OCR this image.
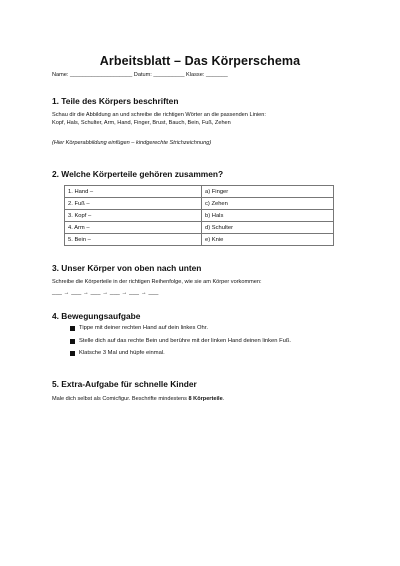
Arbeitsblatt – Das Körperschema
Name: ____________________ Datum: __________ Klasse: _______
1. Teile des Körpers beschriften
Schau dir die Abbildung an und schreibe die richtigen Wörter an die passenden Linien:
Kopf, Hals, Schulter, Arm, Hand, Finger, Brust, Bauch, Bein, Fuß, Zehen
(Hier Körperabbildung einfügen – kindgerechte Strichzeichnung)
2. Welche Körperteile gehören zusammen?
1. Hand –	a) Finger
2. Fuß –	c) Zehen
3. Kopf –	b) Hals
4. Arm –	d) Schulter
5. Bein –	e) Knie
3. Unser Körper von oben nach unten
Schreibe die Körperteile in der richtigen Reihenfolge, wie sie am Körper vorkommen:
___ → ___ → ___ → ___ → ___ → ___
4. Bewegungsaufgabe
Tippe mit deiner rechten Hand auf dein linkes Ohr.
Stelle dich auf das rechte Bein und berühre mit der linken Hand deinen linken Fuß.
Klatsche 3 Mal und hüpfe einmal.
5. Extra-Aufgabe für schnelle Kinder
Male dich selbst als Comicfigur. Beschrifte mindestens 8 Körperteile.
